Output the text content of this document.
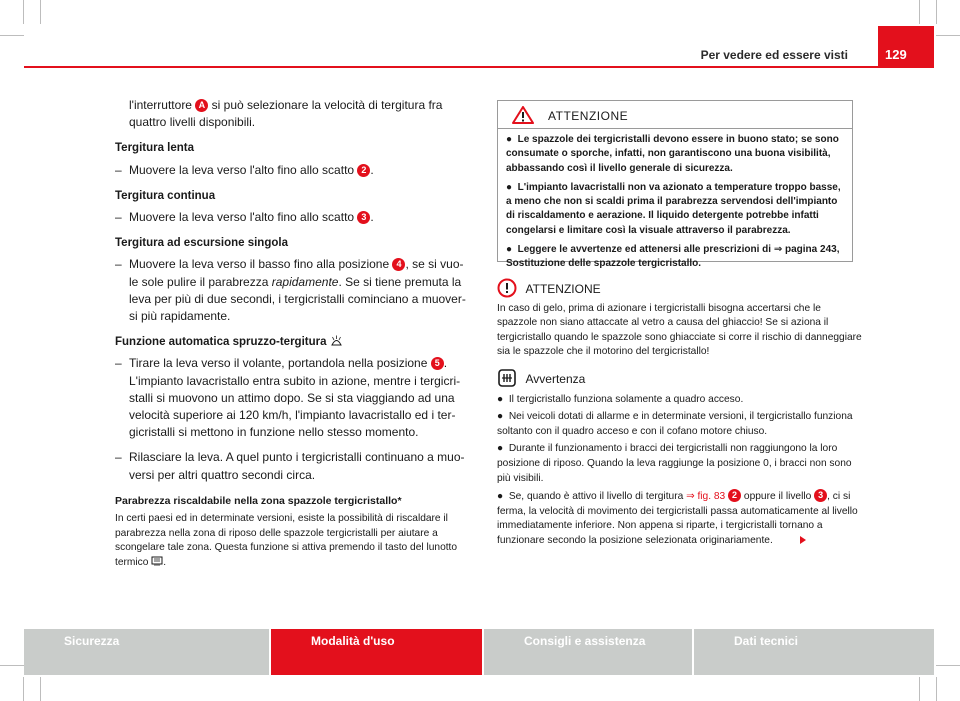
Per vedere ed essere visti	129

l'interruttore A si può selezionare la velocità di tergitura fra quattro livelli disponibili.

Tergitura lenta

– Muovere la leva verso l'alto fino allo scatto 2 .

Tergitura continua

– Muovere la leva verso l'alto fino allo scatto 3 .

Tergitura ad escursione singola

– Muovere la leva verso il basso fino alla posizione 4 , se si vuole sole pulire il parabrezza rapidamente. Se si tiene premuta la leva per più di due secondi, i tergicristalli cominciano a muoversi più rapidamente.

Funzione automatica spruzzo-tergitura

– Tirare la leva verso il volante, portandola nella posizione 5 . L'impianto lavacristallo entra subito in azione, mentre i tergicristalli si muovono un attimo dopo. Se si sta viaggiando ad una velocità superiore ai 120 km/h, l'impianto lavacristallo ed i tergicristalli si mettono in funzione nello stesso momento.

– Rilasciare la leva. A quel punto i tergicristalli continuano a muoversi per altri quattro secondi circa.

Parabrezza riscaldabile nella zona spazzole tergicristallo*

In certi paesi ed in determinate versioni, esiste la possibilità di riscaldare il parabrezza nella zona di riposo delle spazzole tergicristalli per aiutare a scongelare tale zona. Questa funzione si attiva premendo il tasto del lunotto termico .

ATTENZIONE

●  Le spazzole dei tergicristalli devono essere in buono stato; se sono consumate o sporche, infatti, non garantiscono una buona visibilità, abbassando così il livello generale di sicurezza.

●  L'impianto lavacristalli non va azionato a temperature troppo basse, a meno che non si scaldi prima il parabrezza servendosi dell'impianto di riscaldamento e aerazione. Il liquido detergente potrebbe infatti congelarsi e limitare così la visuale attraverso il parabrezza.

●  Leggere le avvertenze ed attenersi alle prescrizioni di ⇒ pagina 243, Sostituzione delle spazzole tergicristallo.

ATTENZIONE

In caso di gelo, prima di azionare i tergicristalli bisogna accertarsi che le spazzole non siano attaccate al vetro a causa del ghiaccio! Se si aziona il tergicristallo quando le spazzole sono ghiacciate si corre il rischio di danneggiare sia le spazzole che il motorino del tergicristallo!

Avvertenza

●  Il tergicristallo funziona solamente a quadro acceso.

●  Nei veicoli dotati di allarme e in determinate versioni, il tergicristallo funziona soltanto con il quadro acceso e con il cofano motore chiuso.

●  Durante il funzionamento i bracci dei tergicristalli non raggiungono la loro posizione di riposo. Quando la leva raggiunge la posizione 0, i bracci non sono più visibili.

●  Se, quando è attivo il livello di tergitura ⇒ fig. 83 2 oppure il livello 3 , ci si ferma, la velocità di movimento dei tergicristalli passa automaticamente al livello immediatamente inferiore. Non appena si riparte, i tergicristalli tornano a funzionare secondo la posizione selezionata originariamente.

Sicurezza	Modalità d'uso	Consigli e assistenza	Dati tecnici
